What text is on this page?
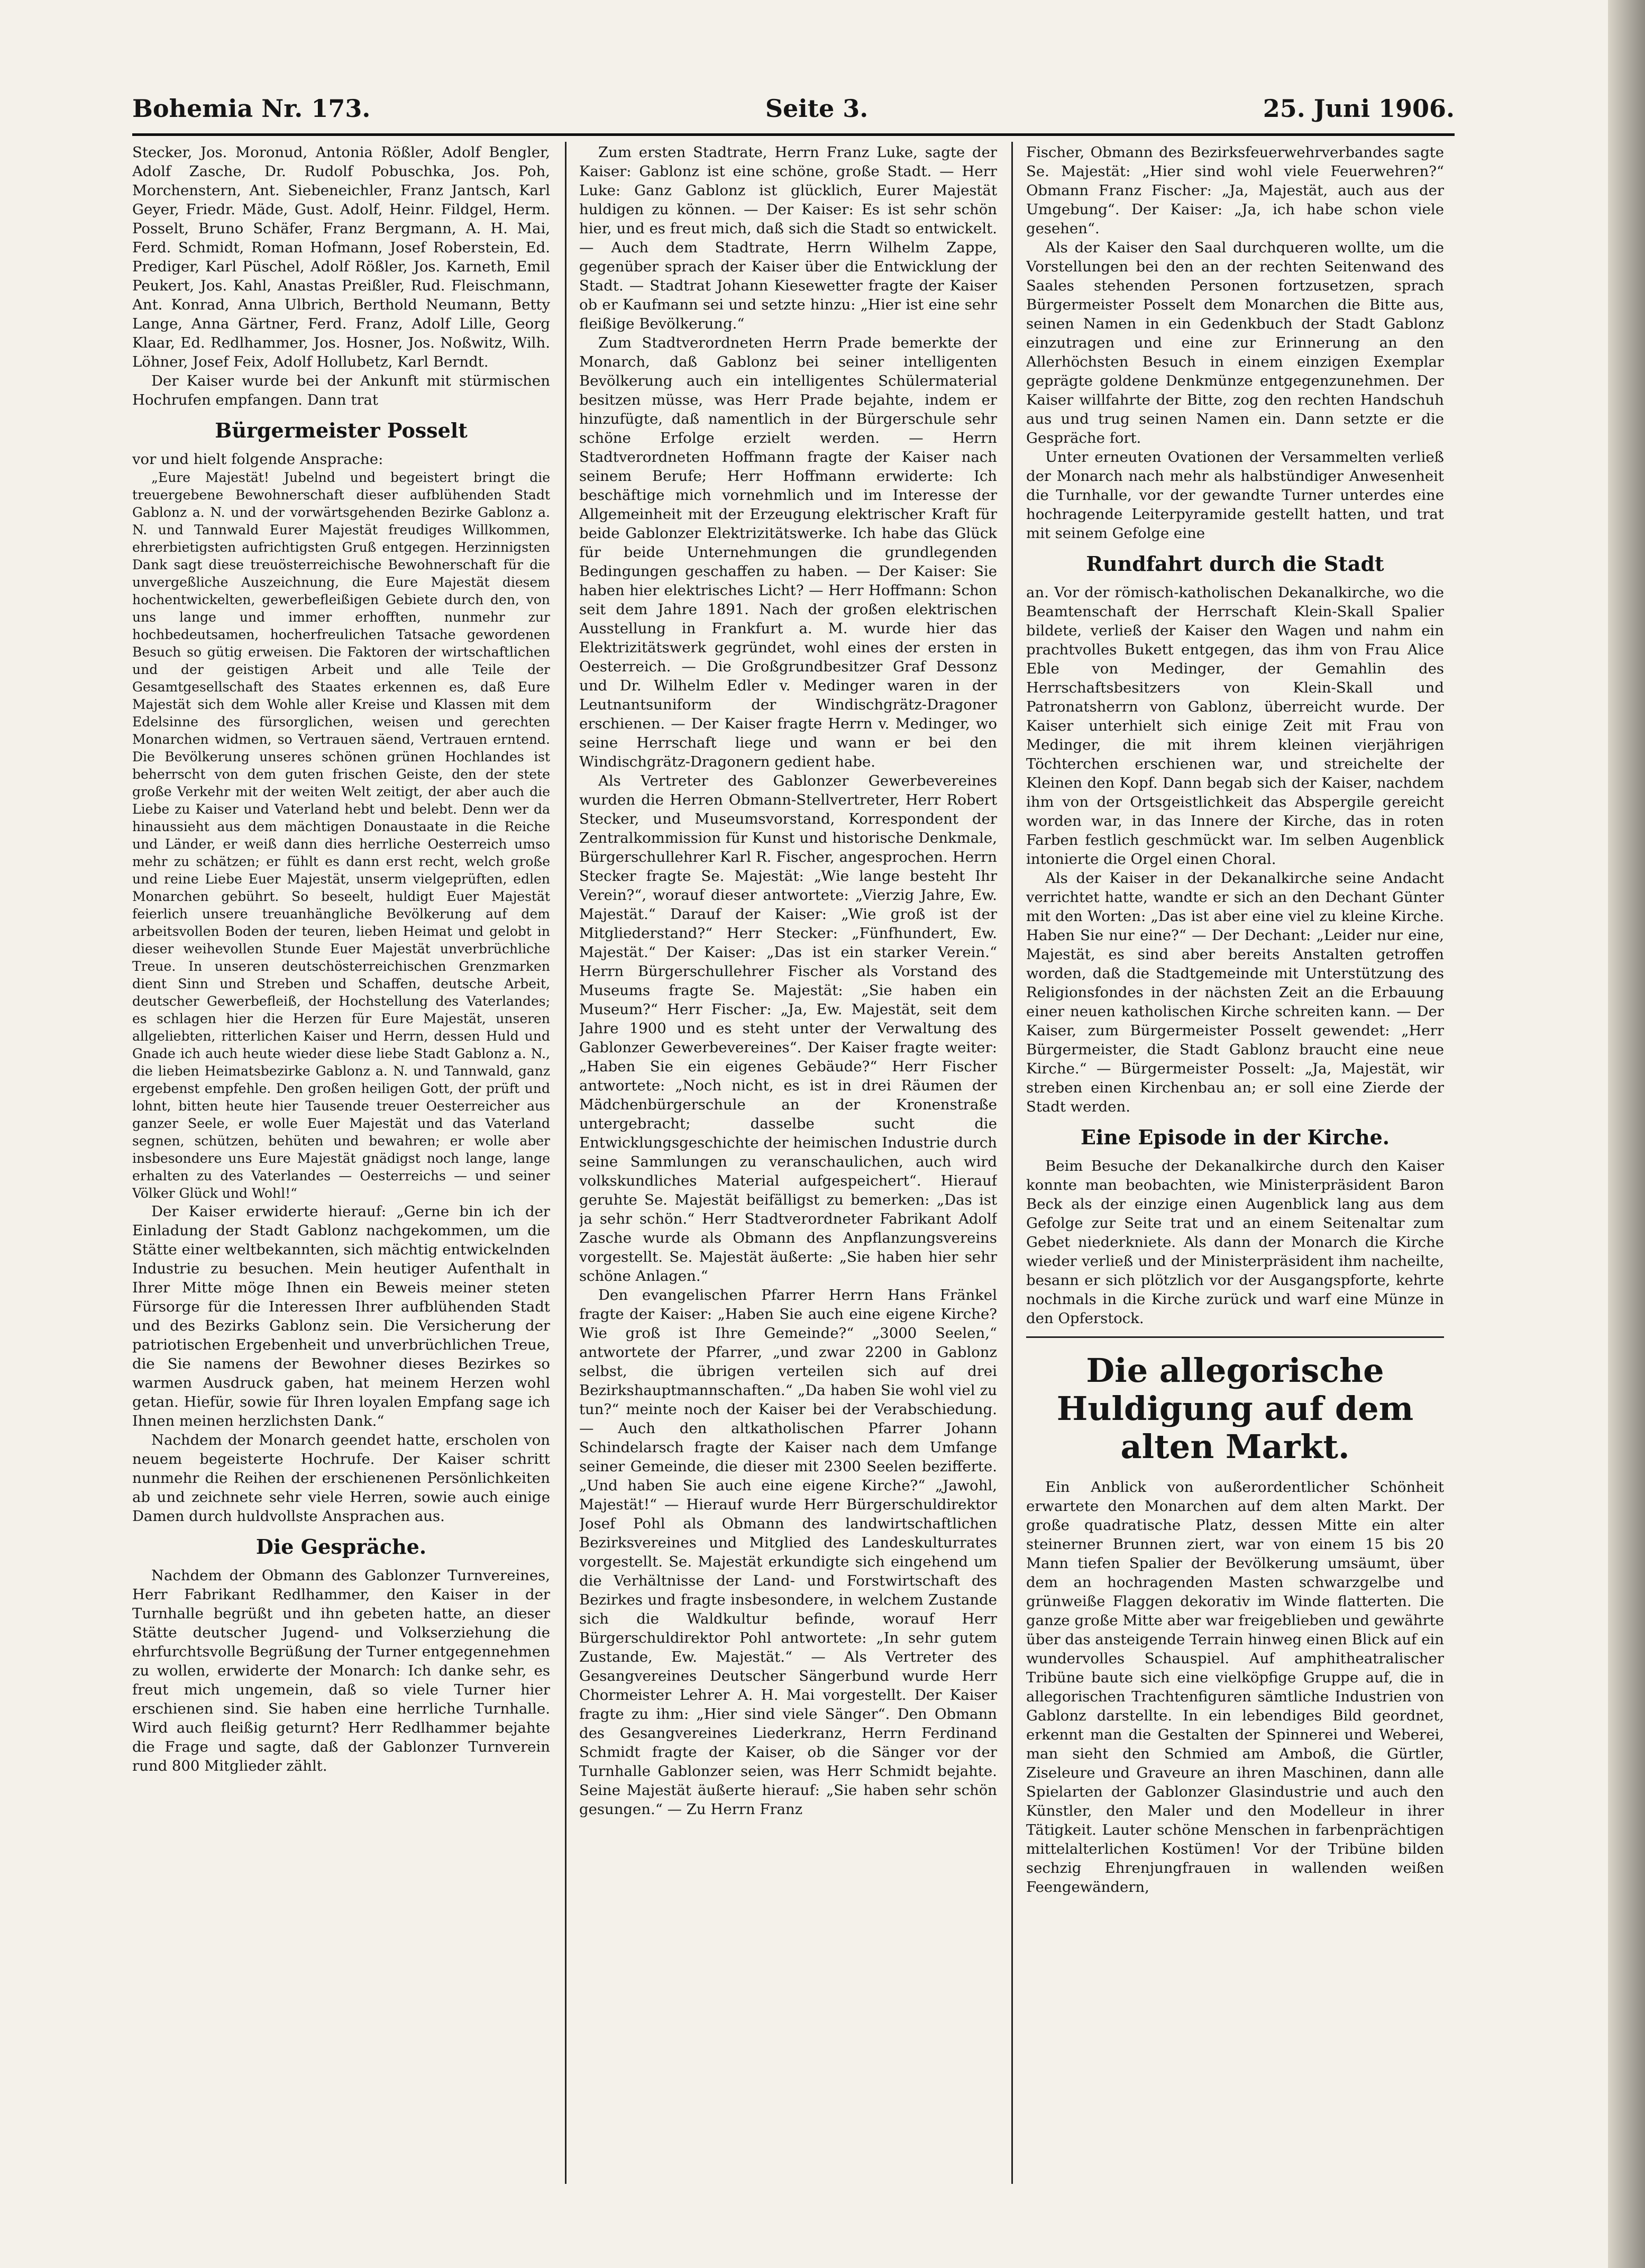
Bohemia Nr. 173.	Seite 3.	25. Juni 1906.

Stecker, Jos. Moronud, Antonia Rößler, Adolf Bengler, Adolf Zasche, Dr. Rudolf Pobuschka, Jos. Poh, Morchenstern, Ant. Siebeneichler, Franz Jantsch, Karl Geyer, Friedr. Mäde, Gust. Adolf, Heinr. Fildgel, Herm. Posselt, Bruno Schäfer, Franz Bergmann, A. H. Mai, Ferd. Schmidt, Roman Hofmann, Josef Roberstein, Ed. Prediger, Karl Püschel, Adolf Rößler, Jos. Karneth, Emil Peukert, Jos. Kahl, Anastas Preißler, Rud. Fleischmann, Ant. Konrad, Anna Ulbrich, Berthold Neumann, Betty Lange, Anna Gärtner, Ferd. Franz, Adolf Lille, Georg Klaar, Ed. Redlhammer, Jos. Hosner, Jos. Noßwitz, Wilh. Löhner, Josef Feix, Adolf Hollubetz, Karl Berndt.

Der Kaiser wurde bei der Ankunft mit stürmischen Hochrufen empfangen. Dann trat

Bürgermeister Posselt

vor und hielt folgende Ansprache:

„Eure Majestät! Jubelnd und begeistert bringt die treuergebene Bewohnerschaft dieser aufblühenden Stadt Gablonz a. N. und der vorwärtsgehenden Bezirke Gablonz a. N. und Tannwald Eurer Majestät freudiges Willkommen, ehrerbietigsten aufrichtigsten Gruß entgegen. Herzinnigsten Dank sagt diese treuösterreichische Bewohnerschaft für die unvergeßliche Auszeichnung, die Eure Majestät diesem hochentwickelten, gewerbefleißigen Gebiete durch den, von uns lange und immer erhofften, nunmehr zur hochbedeutsamen, hocherfreulichen Tatsache gewordenen Besuch so gütig erweisen. Die Faktoren der wirtschaftlichen und der geistigen Arbeit und alle Teile der Gesamtgesellschaft des Staates erkennen es, daß Eure Majestät sich dem Wohle aller Kreise und Klassen mit dem Edelsinne des fürsorglichen, weisen und gerechten Monarchen widmen, so Vertrauen säend, Vertrauen erntend. Die Bevölkerung unseres schönen grünen Hochlandes ist beherrscht von dem guten frischen Geiste, den der stete große Verkehr mit der weiten Welt zeitigt, der aber auch die Liebe zu Kaiser und Vaterland hebt und belebt. Denn wer da hinaussieht aus dem mächtigen Donaustaate in die Reiche und Länder, er weiß dann dies herrliche Oesterreich umso mehr zu schätzen; er fühlt es dann erst recht, welch große und reine Liebe Euer Majestät, unserm vielgeprüften, edlen Monarchen gebührt. So beseelt, huldigt Euer Majestät feierlich unsere treuanhängliche Bevölkerung auf dem arbeitsvollen Boden der teuren, lieben Heimat und gelobt in dieser weihevollen Stunde Euer Majestät unverbrüchliche Treue. In unseren deutschösterreichischen Grenzmarken dient Sinn und Streben und Schaffen, deutsche Arbeit, deutscher Gewerbefleiß, der Hochstellung des Vaterlandes; es schlagen hier die Herzen für Eure Majestät, unseren allgeliebten, ritterlichen Kaiser und Herrn, dessen Huld und Gnade ich auch heute wieder diese liebe Stadt Gablonz a. N., die lieben Heimatsbezirke Gablonz a. N. und Tannwald, ganz ergebenst empfehle. Den großen heiligen Gott, der prüft und lohnt, bitten heute hier Tausende treuer Oesterreicher aus ganzer Seele, er wolle Euer Majestät und das Vaterland segnen, schützen, behüten und bewahren; er wolle aber insbesondere uns Eure Majestät gnädigst noch lange, lange erhalten zu des Vaterlandes — Oesterreichs — und seiner Völker Glück und Wohl!“

Der Kaiser erwiderte hierauf: „Gerne bin ich der Einladung der Stadt Gablonz nachgekommen, um die Stätte einer weltbekannten, sich mächtig entwickelnden Industrie zu besuchen. Mein heutiger Aufenthalt in Ihrer Mitte möge Ihnen ein Beweis meiner steten Fürsorge für die Interessen Ihrer aufblühenden Stadt und des Bezirks Gablonz sein. Die Versicherung der patriotischen Ergebenheit und unverbrüchlichen Treue, die Sie namens der Bewohner dieses Bezirkes so warmen Ausdruck gaben, hat meinem Herzen wohl getan. Hiefür, sowie für Ihren loyalen Empfang sage ich Ihnen meinen herzlichsten Dank.“

Nachdem der Monarch geendet hatte, erscholen von neuem begeisterte Hochrufe. Der Kaiser schritt nunmehr die Reihen der erschienenen Persönlichkeiten ab und zeichnete sehr viele Herren, sowie auch einige Damen durch huldvollste Ansprachen aus.

Die Gespräche.

Nachdem der Obmann des Gablonzer Turnvereines, Herr Fabrikant Redlhammer, den Kaiser in der Turnhalle begrüßt und ihn gebeten hatte, an dieser Stätte deutscher Jugend- und Volkserziehung die ehrfurchtsvolle Begrüßung der Turner entgegennehmen zu wollen, erwiderte der Monarch: Ich danke sehr, es freut mich ungemein, daß so viele Turner hier erschienen sind. Sie haben eine herrliche Turnhalle. Wird auch fleißig geturnt? Herr Redlhammer bejahte die Frage und sagte, daß der Gablonzer Turnverein rund 800 Mitglieder zählt.

Zum ersten Stadtrate, Herrn Franz Luke, sagte der Kaiser: Gablonz ist eine schöne, große Stadt. — Herr Luke: Ganz Gablonz ist glücklich, Eurer Majestät huldigen zu können. — Der Kaiser: Es ist sehr schön hier, und es freut mich, daß sich die Stadt so entwickelt. — Auch dem Stadtrate, Herrn Wilhelm Zappe, gegenüber sprach der Kaiser über die Entwicklung der Stadt. — Stadtrat Johann Kiesewetter fragte der Kaiser ob er Kaufmann sei und setzte hinzu: „Hier ist eine sehr fleißige Bevölkerung.“

Zum Stadtverordneten Herrn Prade bemerkte der Monarch, daß Gablonz bei seiner intelligenten Bevölkerung auch ein intelligentes Schülermaterial besitzen müsse, was Herr Prade bejahte, indem er hinzufügte, daß namentlich in der Bürgerschule sehr schöne Erfolge erzielt werden. — Herrn Stadtverordneten Hoffmann fragte der Kaiser nach seinem Berufe; Herr Hoffmann erwiderte: Ich beschäftige mich vornehmlich und im Interesse der Allgemeinheit mit der Erzeugung elektrischer Kraft für beide Gablonzer Elektrizitätswerke. Ich habe das Glück für beide Unternehmungen die grundlegenden Bedingungen geschaffen zu haben. — Der Kaiser: Sie haben hier elektrisches Licht? — Herr Hoffmann: Schon seit dem Jahre 1891. Nach der großen elektrischen Ausstellung in Frankfurt a. M. wurde hier das Elektrizitätswerk gegründet, wohl eines der ersten in Oesterreich. — Die Großgrundbesitzer Graf Dessonz und Dr. Wilhelm Edler v. Medinger waren in der Leutnantsuniform der Windischgrätz-Dragoner erschienen. — Der Kaiser fragte Herrn v. Medinger, wo seine Herrschaft liege und wann er bei den Windischgrätz-Dragonern gedient habe.

Als Vertreter des Gablonzer Gewerbevereines wurden die Herren Obmann-Stellvertreter, Herr Robert Stecker, und Museumsvorstand, Korrespondent der Zentralkommission für Kunst und historische Denkmale, Bürgerschullehrer Karl R. Fischer, angesprochen. Herrn Stecker fragte Se. Majestät: „Wie lange besteht Ihr Verein?“, worauf dieser antwortete: „Vierzig Jahre, Ew. Majestät.“ Darauf der Kaiser: „Wie groß ist der Mitgliederstand?“ Herr Stecker: „Fünfhundert, Ew. Majestät.“ Der Kaiser: „Das ist ein starker Verein.“ Herrn Bürgerschullehrer Fischer als Vorstand des Museums fragte Se. Majestät: „Sie haben ein Museum?“ Herr Fischer: „Ja, Ew. Majestät, seit dem Jahre 1900 und es steht unter der Verwaltung des Gablonzer Gewerbevereines“. Der Kaiser fragte weiter: „Haben Sie ein eigenes Gebäude?“ Herr Fischer antwortete: „Noch nicht, es ist in drei Räumen der Mädchenbürgerschule an der Kronenstraße untergebracht; dasselbe sucht die Entwicklungsgeschichte der heimischen Industrie durch seine Sammlungen zu veranschaulichen, auch wird volkskundliches Material aufgespeichert“. Hierauf geruhte Se. Majestät beifälligst zu bemerken: „Das ist ja sehr schön.“ Herr Stadtverordneter Fabrikant Adolf Zasche wurde als Obmann des Anpflanzungsvereins vorgestellt. Se. Majestät äußerte: „Sie haben hier sehr schöne Anlagen.“

Den evangelischen Pfarrer Herrn Hans Fränkel fragte der Kaiser: „Haben Sie auch eine eigene Kirche? Wie groß ist Ihre Gemeinde?“ „3000 Seelen,“ antwortete der Pfarrer, „und zwar 2200 in Gablonz selbst, die übrigen verteilen sich auf drei Bezirkshauptmannschaften.“ „Da haben Sie wohl viel zu tun?“ meinte noch der Kaiser bei der Verabschiedung. — Auch den altkatholischen Pfarrer Johann Schindelarsch fragte der Kaiser nach dem Umfange seiner Gemeinde, die dieser mit 2300 Seelen bezifferte. „Und haben Sie auch eine eigene Kirche?“ „Jawohl, Majestät!“ — Hierauf wurde Herr Bürgerschuldirektor Josef Pohl als Obmann des landwirtschaftlichen Bezirksvereines und Mitglied des Landeskulturrates vorgestellt. Se. Majestät erkundigte sich eingehend um die Verhältnisse der Land- und Forstwirtschaft des Bezirkes und fragte insbesondere, in welchem Zustande sich die Waldkultur befinde, worauf Herr Bürgerschuldirektor Pohl antwortete: „In sehr gutem Zustande, Ew. Majestät.“ — Als Vertreter des Gesangvereines Deutscher Sängerbund wurde Herr Chormeister Lehrer A. H. Mai vorgestellt. Der Kaiser fragte zu ihm: „Hier sind viele Sänger“. Den Obmann des Gesangvereines Liederkranz, Herrn Ferdinand Schmidt fragte der Kaiser, ob die Sänger vor der Turnhalle Gablonzer seien, was Herr Schmidt bejahte. Seine Majestät äußerte hierauf: „Sie haben sehr schön gesungen.“ — Zu Herrn Franz

Fischer, Obmann des Bezirksfeuerwehrverbandes sagte Se. Majestät: „Hier sind wohl viele Feuerwehren?“ Obmann Franz Fischer: „Ja, Majestät, auch aus der Umgebung“. Der Kaiser: „Ja, ich habe schon viele gesehen“.

Als der Kaiser den Saal durchqueren wollte, um die Vorstellungen bei den an der rechten Seitenwand des Saales stehenden Personen fortzusetzen, sprach Bürgermeister Posselt dem Monarchen die Bitte aus, seinen Namen in ein Gedenkbuch der Stadt Gablonz einzutragen und eine zur Erinnerung an den Allerhöchsten Besuch in einem einzigen Exemplar geprägte goldene Denkmünze entgegenzunehmen. Der Kaiser willfahrte der Bitte, zog den rechten Handschuh aus und trug seinen Namen ein. Dann setzte er die Gespräche fort.

Unter erneuten Ovationen der Versammelten verließ der Monarch nach mehr als halbstündiger Anwesenheit die Turnhalle, vor der gewandte Turner unterdes eine hochragende Leiterpyramide gestellt hatten, und trat mit seinem Gefolge eine

Rundfahrt durch die Stadt

an. Vor der römisch-katholischen Dekanalkirche, wo die Beamtenschaft der Herrschaft Klein-Skall Spalier bildete, verließ der Kaiser den Wagen und nahm ein prachtvolles Bukett entgegen, das ihm von Frau Alice Eble von Medinger, der Gemahlin des Herrschaftsbesitzers von Klein-Skall und Patronatsherrn von Gablonz, überreicht wurde. Der Kaiser unterhielt sich einige Zeit mit Frau von Medinger, die mit ihrem kleinen vierjährigen Töchterchen erschienen war, und streichelte der Kleinen den Kopf. Dann begab sich der Kaiser, nachdem ihm von der Ortsgeistlichkeit das Abspergile gereicht worden war, in das Innere der Kirche, das in roten Farben festlich geschmückt war. Im selben Augenblick intonierte die Orgel einen Choral.

Als der Kaiser in der Dekanalkirche seine Andacht verrichtet hatte, wandte er sich an den Dechant Günter mit den Worten: „Das ist aber eine viel zu kleine Kirche. Haben Sie nur eine?“ — Der Dechant: „Leider nur eine, Majestät, es sind aber bereits Anstalten getroffen worden, daß die Stadtgemeinde mit Unterstützung des Religionsfondes in der nächsten Zeit an die Erbauung einer neuen katholischen Kirche schreiten kann. — Der Kaiser, zum Bürgermeister Posselt gewendet: „Herr Bürgermeister, die Stadt Gablonz braucht eine neue Kirche.“ — Bürgermeister Posselt: „Ja, Majestät, wir streben einen Kirchenbau an; er soll eine Zierde der Stadt werden.

Eine Episode in der Kirche.

Beim Besuche der Dekanalkirche durch den Kaiser konnte man beobachten, wie Ministerpräsident Baron Beck als der einzige einen Augenblick lang aus dem Gefolge zur Seite trat und an einem Seitenaltar zum Gebet niederkniete. Als dann der Monarch die Kirche wieder verließ und der Ministerpräsident ihm nacheilte, besann er sich plötzlich vor der Ausgangspforte, kehrte nochmals in die Kirche zurück und warf eine Münze in den Opferstock.

Die allegorische Huldigung auf dem alten Markt.

Ein Anblick von außerordentlicher Schönheit erwartete den Monarchen auf dem alten Markt. Der große quadratische Platz, dessen Mitte ein alter steinerner Brunnen ziert, war von einem 15 bis 20 Mann tiefen Spalier der Bevölkerung umsäumt, über dem an hochragenden Masten schwarzgelbe und grünweiße Flaggen dekorativ im Winde flatterten. Die ganze große Mitte aber war freigeblieben und gewährte über das ansteigende Terrain hinweg einen Blick auf ein wundervolles Schauspiel. Auf amphitheatralischer Tribüne baute sich eine vielköpfige Gruppe auf, die in allegorischen Trachtenfiguren sämtliche Industrien von Gablonz darstellte. In ein lebendiges Bild geordnet, erkennt man die Gestalten der Spinnerei und Weberei, man sieht den Schmied am Amboß, die Gürtler, Ziseleure und Graveure an ihren Maschinen, dann alle Spielarten der Gablonzer Glasindustrie und auch den Künstler, den Maler und den Modelleur in ihrer Tätigkeit. Lauter schöne Menschen in farbenprächtigen mittelalterlichen Kostümen! Vor der Tribüne bilden sechzig Ehrenjungfrauen in wallenden weißen Feengewändern,
